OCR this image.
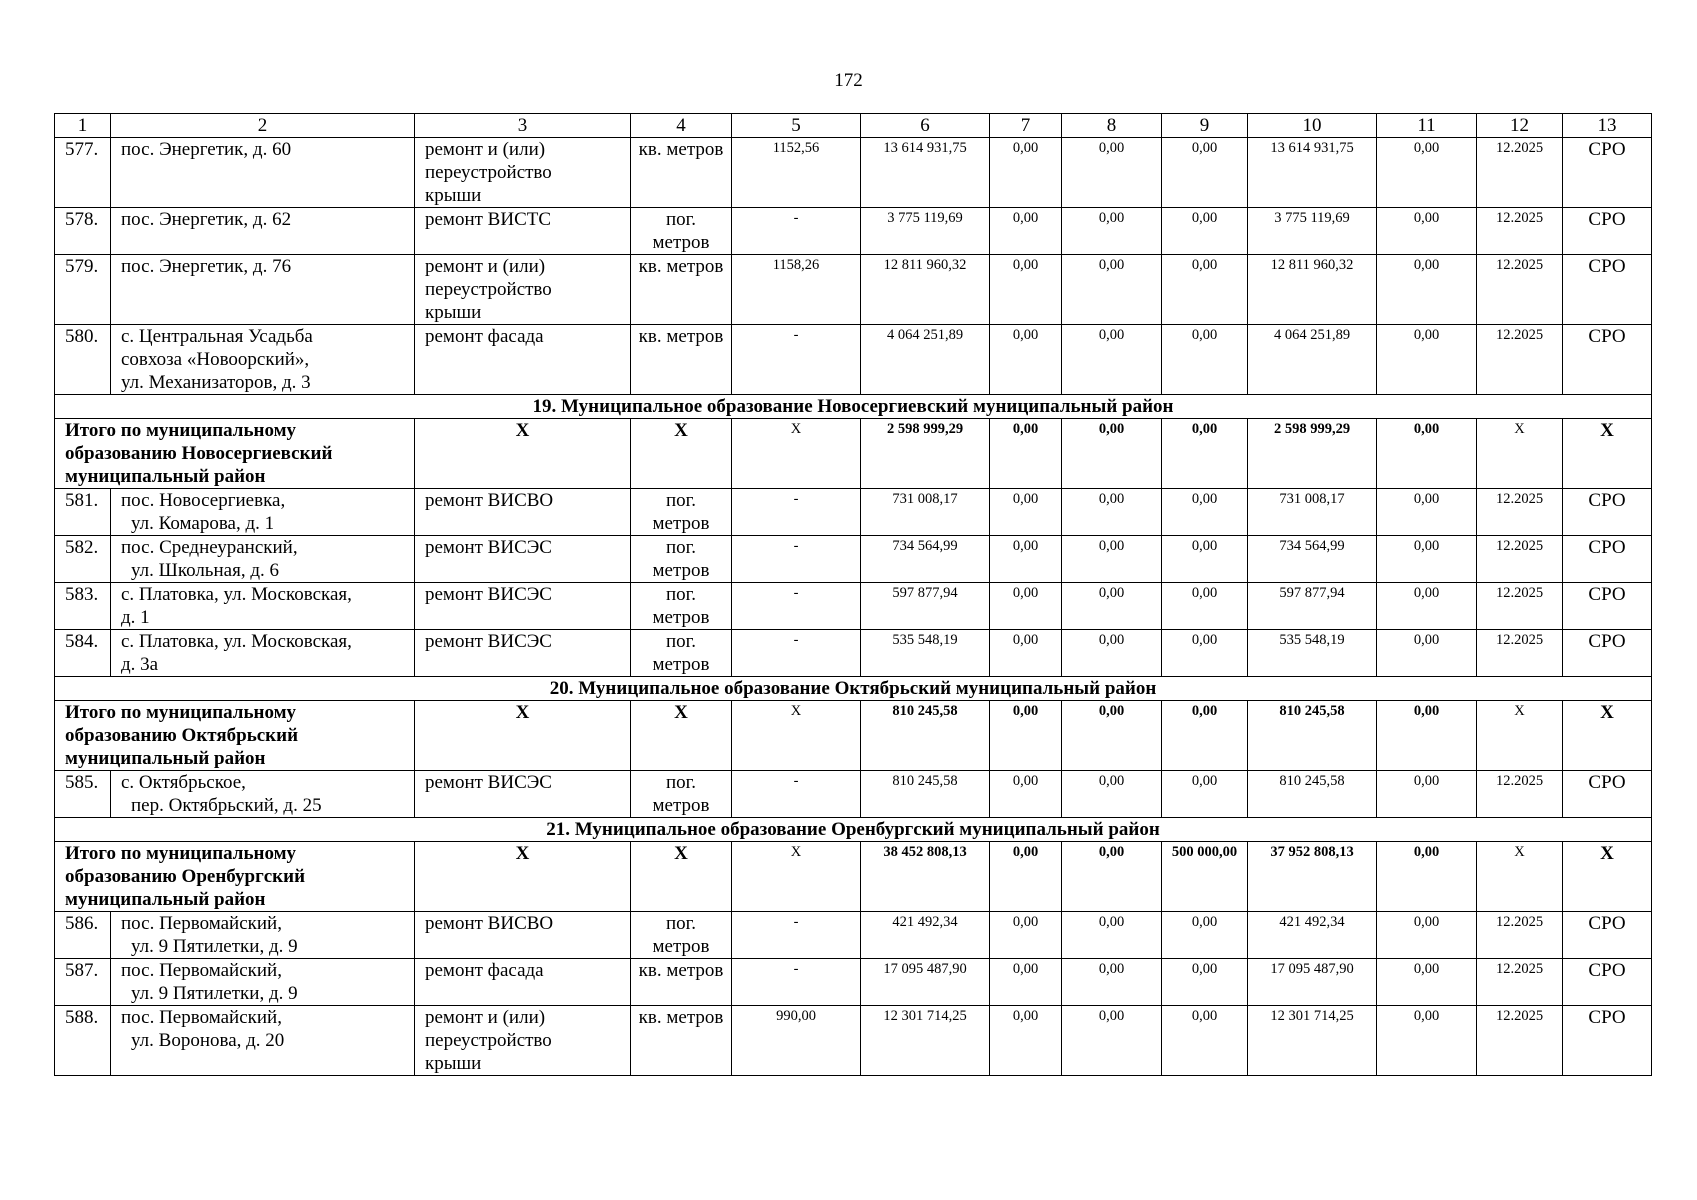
172
1	2	3	4	5	6	7	8	9	10	11	12	13
577.	пос. Энергетик, д. 60	ремонт и (или)
переустройство
крыши	кв. метров	1152,56	13 614 931,75	0,00	0,00	0,00	13 614 931,75	0,00	12.2025	СРО
578.	пос. Энергетик, д. 62	ремонт ВИСТС	пог.
метров	-	3 775 119,69	0,00	0,00	0,00	3 775 119,69	0,00	12.2025	СРО
579.	пос. Энергетик, д. 76	ремонт и (или)
переустройство
крыши	кв. метров	1158,26	12 811 960,32	0,00	0,00	0,00	12 811 960,32	0,00	12.2025	СРО
580.	с. Центральная Усадьба
совхоза «Новоорский»,
ул. Механизаторов, д. 3	ремонт фасада	кв. метров	-	4 064 251,89	0,00	0,00	0,00	4 064 251,89	0,00	12.2025	СРО
19. Муниципальное образование Новосергиевский муниципальный район												

Итого по муниципальному
образованию Новосергиевский
муниципальный район		X	X	X	2 598 999,29	0,00	0,00	0,00	2 598 999,29	0,00	X	X
581.	пос. Новосергиевка,
ул. Комарова, д. 1	ремонт ВИСВО	пог.
метров	-	731 008,17	0,00	0,00	0,00	731 008,17	0,00	12.2025	СРО
582.	пос. Среднеуранский,
ул. Школьная, д. 6	ремонт ВИСЭС	пог.
метров	-	734 564,99	0,00	0,00	0,00	734 564,99	0,00	12.2025	СРО
583.	с. Платовка, ул. Московская,
д. 1	ремонт ВИСЭС	пог.
метров	-	597 877,94	0,00	0,00	0,00	597 877,94	0,00	12.2025	СРО
584.	с. Платовка, ул. Московская,
д. 3а	ремонт ВИСЭС	пог.
метров	-	535 548,19	0,00	0,00	0,00	535 548,19	0,00	12.2025	СРО
20. Муниципальное образование Октябрьский муниципальный район												

Итого по муниципальному
образованию Октябрьский
муниципальный район		X	X	X	810 245,58	0,00	0,00	0,00	810 245,58	0,00	X	X
585.	с. Октябрьское,
пер. Октябрьский, д. 25	ремонт ВИСЭС	пог.
метров	-	810 245,58	0,00	0,00	0,00	810 245,58	0,00	12.2025	СРО
21. Муниципальное образование Оренбургский муниципальный район												

Итого по муниципальному
образованию Оренбургский
муниципальный район		X	X	X	38 452 808,13	0,00	0,00	500 000,00	37 952 808,13	0,00	X	X
586.	пос. Первомайский,
ул. 9 Пятилетки, д. 9	ремонт ВИСВО	пог.
метров	-	421 492,34	0,00	0,00	0,00	421 492,34	0,00	12.2025	СРО
587.	пос. Первомайский,
ул. 9 Пятилетки, д. 9	ремонт фасада	кв. метров	-	17 095 487,90	0,00	0,00	0,00	17 095 487,90	0,00	12.2025	СРО
588.	пос. Первомайский,
ул. Воронова, д. 20	ремонт и (или)
переустройство
крыши	кв. метров	990,00	12 301 714,25	0,00	0,00	0,00	12 301 714,25	0,00	12.2025	СРО
